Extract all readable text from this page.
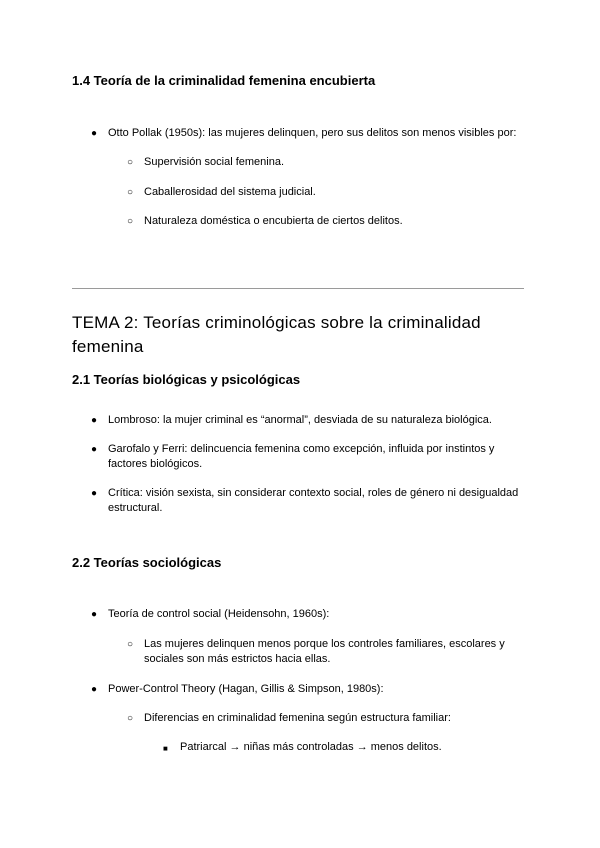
1.4 Teoría de la criminalidad femenina encubierta

● Otto Pollak (1950s): las mujeres delinquen, pero sus delitos son menos visibles por:

○ Supervisión social femenina.

○ Caballerosidad del sistema judicial.

○ Naturaleza doméstica o encubierta de ciertos delitos.

TEMA 2: Teorías criminológicas sobre la criminalidad femenina
2.1 Teorías biológicas y psicológicas

● Lombroso: la mujer criminal es “anormal”, desviada de su naturaleza biológica.

● Garofalo y Ferri: delincuencia femenina como excepción, influida por instintos y factores biológicos.

● Crítica: visión sexista, sin considerar contexto social, roles de género ni desigualdad estructural.

2.2 Teorías sociológicas

● Teoría de control social (Heidensohn, 1960s):

○ Las mujeres delinquen menos porque los controles familiares, escolares y sociales son más estrictos hacia ellas.

● Power-Control Theory (Hagan, Gillis & Simpson, 1980s):

○ Diferencias en criminalidad femenina según estructura familiar:

■ Patriarcal → niñas más controladas → menos delitos.
